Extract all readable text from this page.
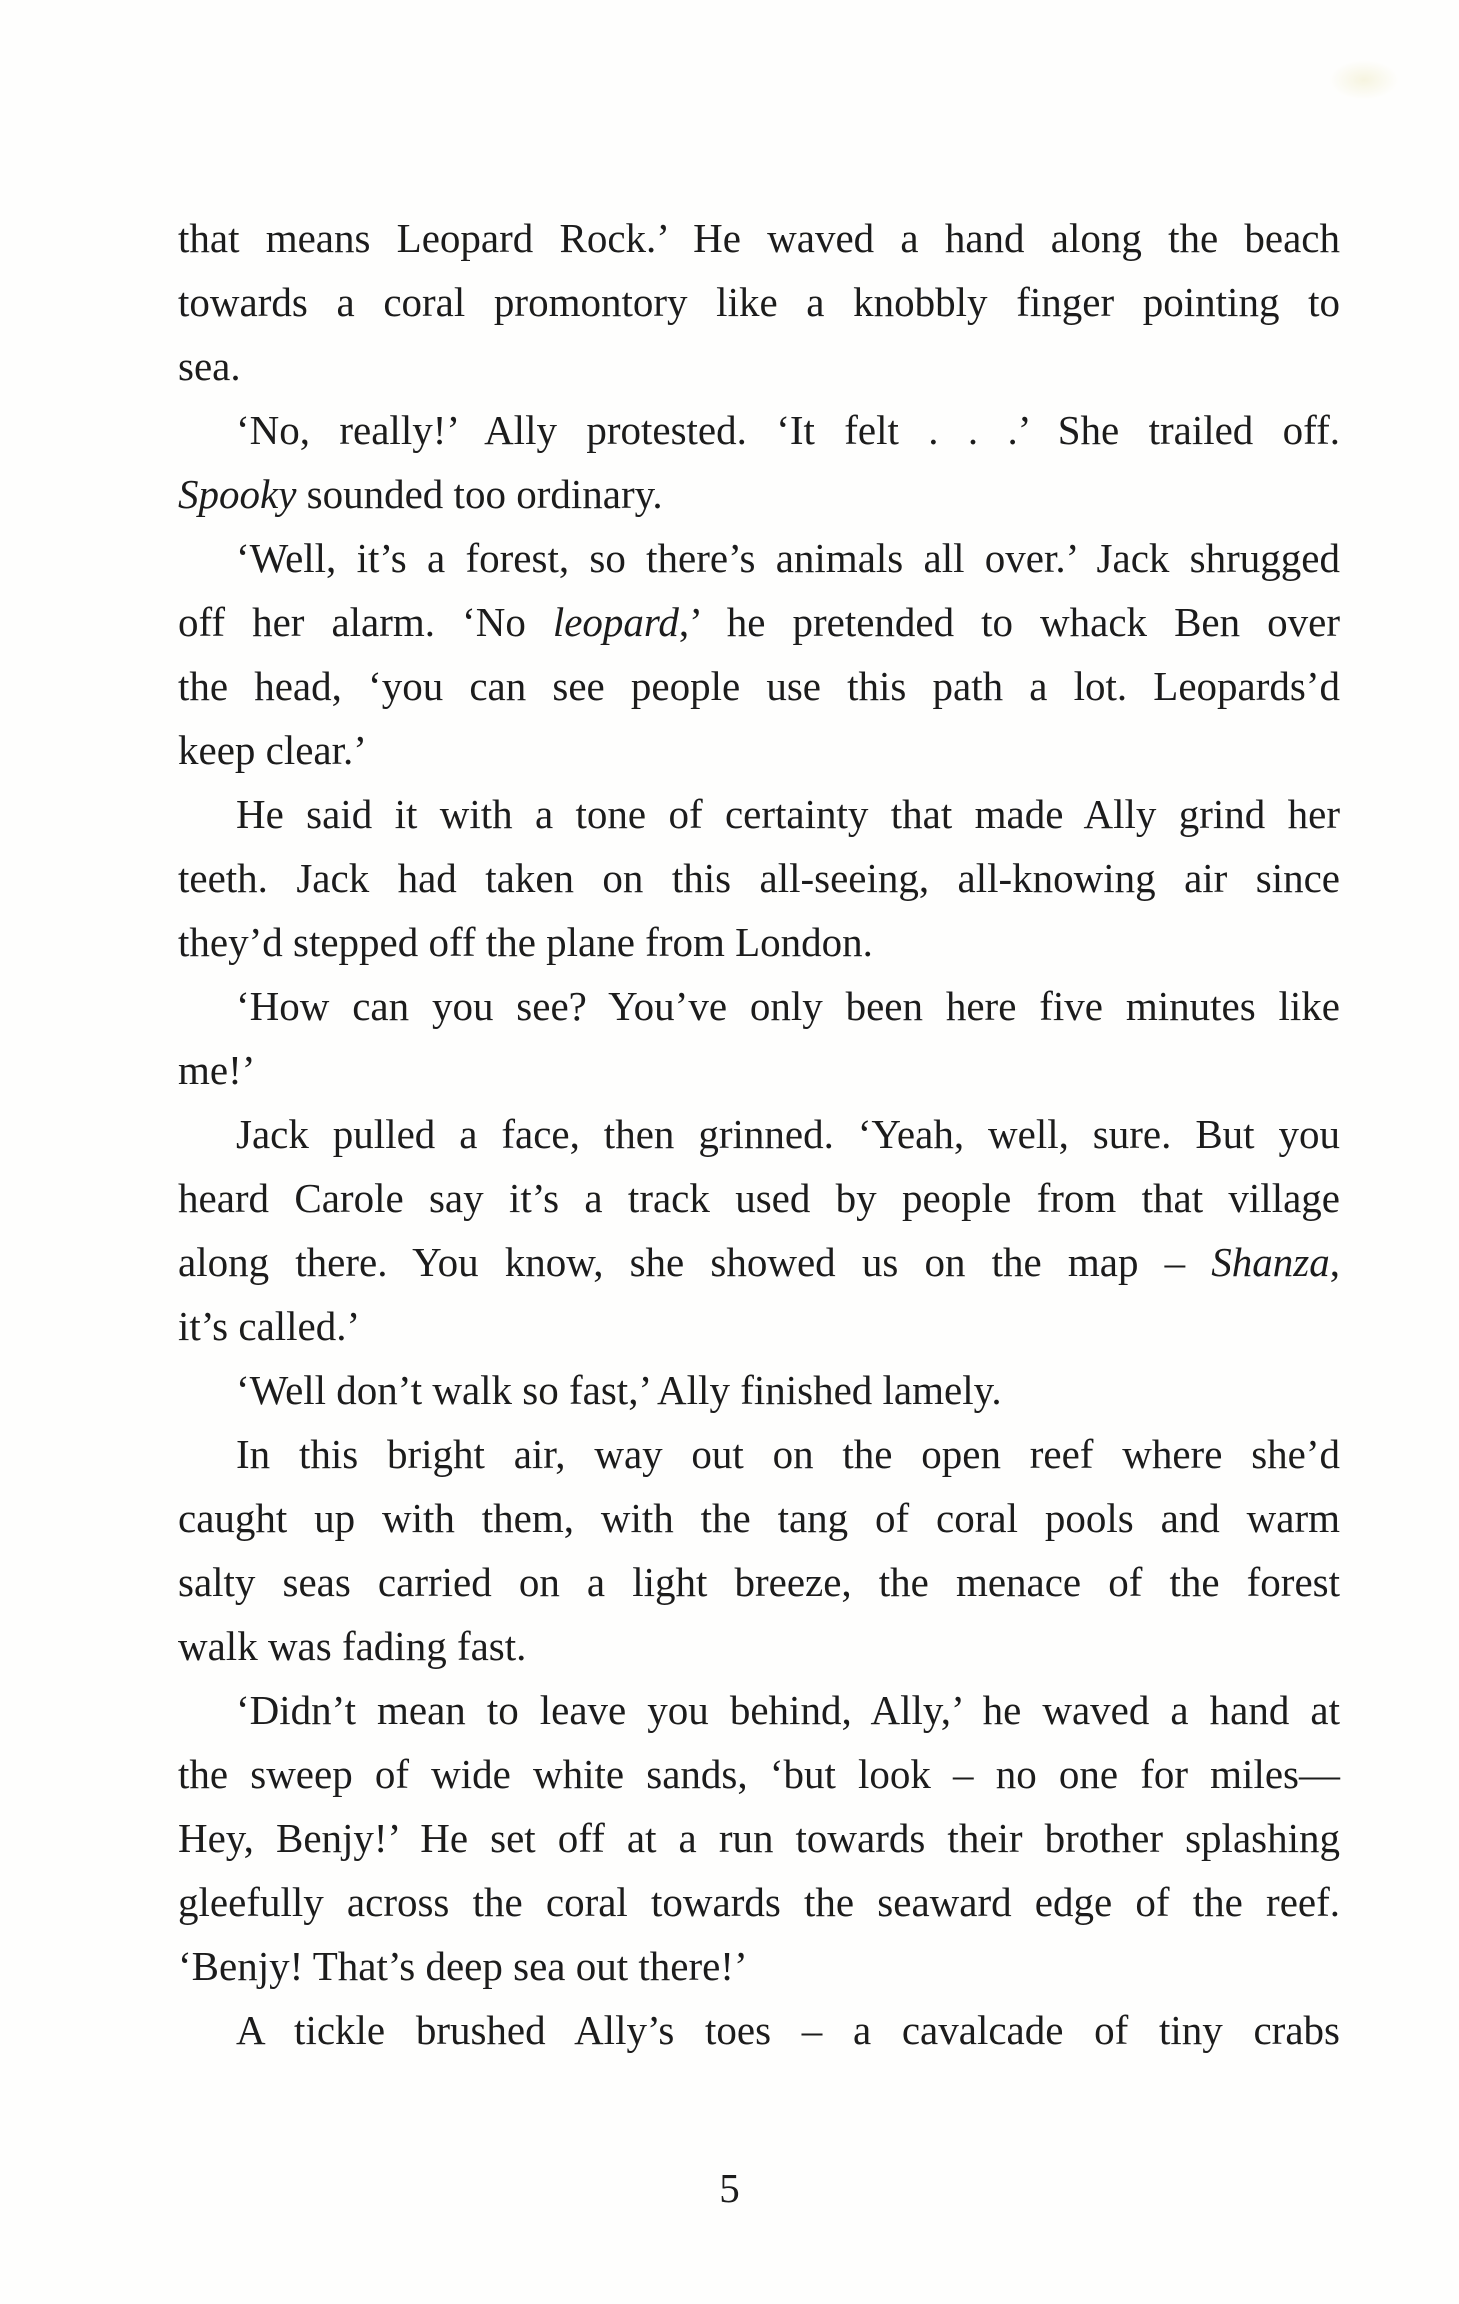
that means Leopard Rock.’ He waved a hand along the beach
towards a coral promontory like a knobbly finger pointing to
sea.
‘No, really!’ Ally protested. ‘It felt . . .’ She trailed off.
Spooky sounded too ordinary.
‘Well, it’s a forest, so there’s animals all over.’ Jack shrugged
off her alarm. ‘No leopard,’ he pretended to whack Ben over
the head, ‘you can see people use this path a lot. Leopards’d
keep clear.’
He said it with a tone of certainty that made Ally grind her
teeth. Jack had taken on this all-seeing, all-knowing air since
they’d stepped off the plane from London.
‘How can you see? You’ve only been here five minutes like
me!’
Jack pulled a face, then grinned. ‘Yeah, well, sure. But you
heard Carole say it’s a track used by people from that village
along there. You know, she showed us on the map – Shanza,
it’s called.’
‘Well don’t walk so fast,’ Ally finished lamely.
In this bright air, way out on the open reef where she’d
caught up with them, with the tang of coral pools and warm
salty seas carried on a light breeze, the menace of the forest
walk was fading fast.
‘Didn’t mean to leave you behind, Ally,’ he waved a hand at
the sweep of wide white sands, ‘but look – no one for miles—
Hey, Benjy!’ He set off at a run towards their brother splashing
gleefully across the coral towards the seaward edge of the reef.
‘Benjy! That’s deep sea out there!’
A tickle brushed Ally’s toes – a cavalcade of tiny crabs
5
